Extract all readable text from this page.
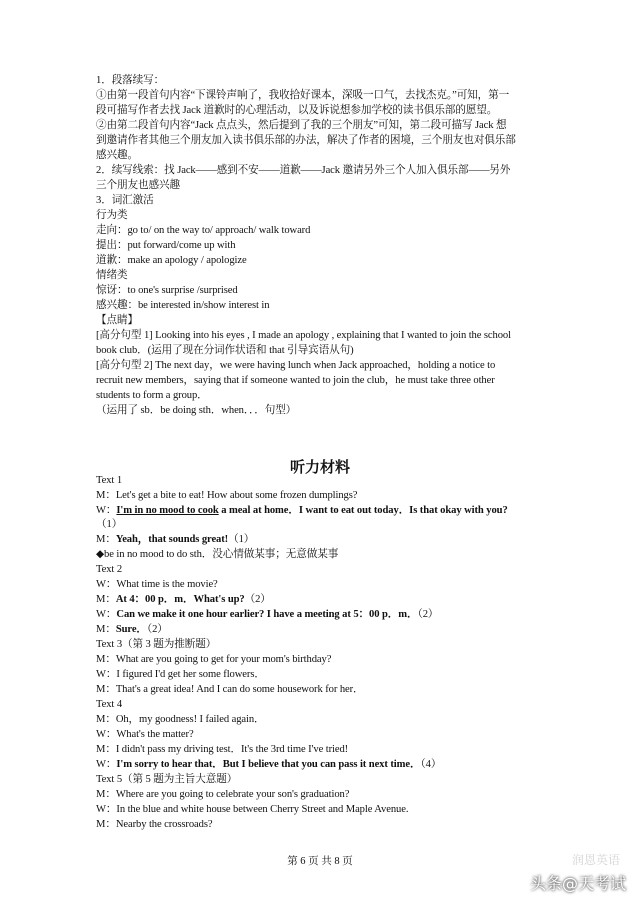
1．段落续写：
①由第一段首句内容“下课铃声响了，我收拾好课本，深吸一口气，去找杰克。”可知，第一
段可描写作者去找 Jack 道歉时的心理活动，以及诉说想参加学校的读书俱乐部的愿望。
②由第二段首句内容“Jack 点点头，然后提到了我的三个朋友”可知，第二段可描写 Jack 想
到邀请作者其他三个朋友加入读书俱乐部的办法，解决了作者的困境，三个朋友也对俱乐部
感兴趣。
2．续写线索：找 Jack——感到不安——道歉——Jack 邀请另外三个人加入俱乐部——另外
三个朋友也感兴趣
3．词汇激活
行为类
走向：go to/ on the way to/ approach/ walk toward
提出：put forward/come up with
道歉：make an apology / apologize
情绪类
惊讶：to one's surprise /surprised
感兴趣：be interested in/show interest in
【点睛】
[高分句型 1] Looking into his eyes , I made an apology , explaining that I wanted to join the school
book club．(运用了现在分词作状语和 that 引导宾语从句)
[高分句型 2] The next day，we were having lunch when Jack approached，holding a notice to
recruit new members，saying that if someone wanted to join the club，he must take three other
students to form a group．
（运用了 sb．be doing sth．when．．．句型）
听力材料
Text 1
M：Let's get a bite to eat! How about some frozen dumplings?
W：I'm in no mood to cook a meal at home．I want to eat out today．Is that okay with you?
（1）
M：Yeah，that sounds great!（1）
◆be in no mood to do sth．没心情做某事；无意做某事
Text 2
W：What time is the movie?
M：At 4：00 p．m．What's up?（2）
W：Can we make it one hour earlier? I have a meeting at 5：00 p．m．（2）
M：Sure．（2）
Text 3（第 3 题为推断题）
M：What are you going to get for your mom's birthday?
W：I figured I'd get her some flowers．
M：That's a great idea! And I can do some housework for her．
Text 4
M：Oh，my goodness! I failed again．
W：What's the matter?
M：I didn't pass my driving test．It's the 3rd time I've tried!
W：I'm sorry to hear that．But I believe that you can pass it next time．（4）
Text 5（第 5 题为主旨大意题）
M：Where are you going to celebrate your son's graduation?
W：In the blue and white house between Cherry Street and Maple Avenue.
M：Nearby the crossroads?
第 6 页 共 8 页	润恩英语
头条@天考试
